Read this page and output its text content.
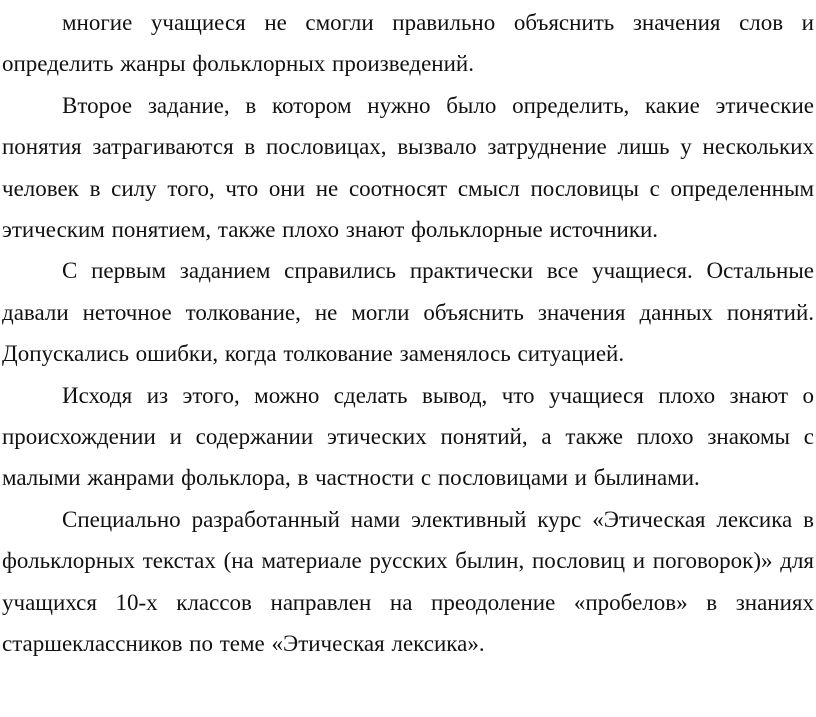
многие учащиеся не смогли правильно объяснить значения слов и определить жанры фольклорных произведений.

Второе задание, в котором нужно было определить, какие этические понятия затрагиваются в пословицах, вызвало затруднение лишь у нескольких человек в силу того, что они не соотносят смысл пословицы с определенным этическим понятием, также плохо знают фольклорные источники.

С первым заданием справились практически все учащиеся. Остальные давали неточное толкование, не могли объяснить значения данных понятий. Допускались ошибки, когда толкование заменялось ситуацией.

Исходя из этого, можно сделать вывод, что учащиеся плохо знают о происхождении и содержании этических понятий, а также плохо знакомы с малыми жанрами фольклора, в частности с пословицами и былинами.

Специально разработанный нами элективный курс «Этическая лексика в фольклорных текстах (на материале русских былин, пословиц и поговорок)» для учащихся 10-х классов направлен на преодоление «пробелов» в знаниях старшеклассников по теме «Этическая лексика».
